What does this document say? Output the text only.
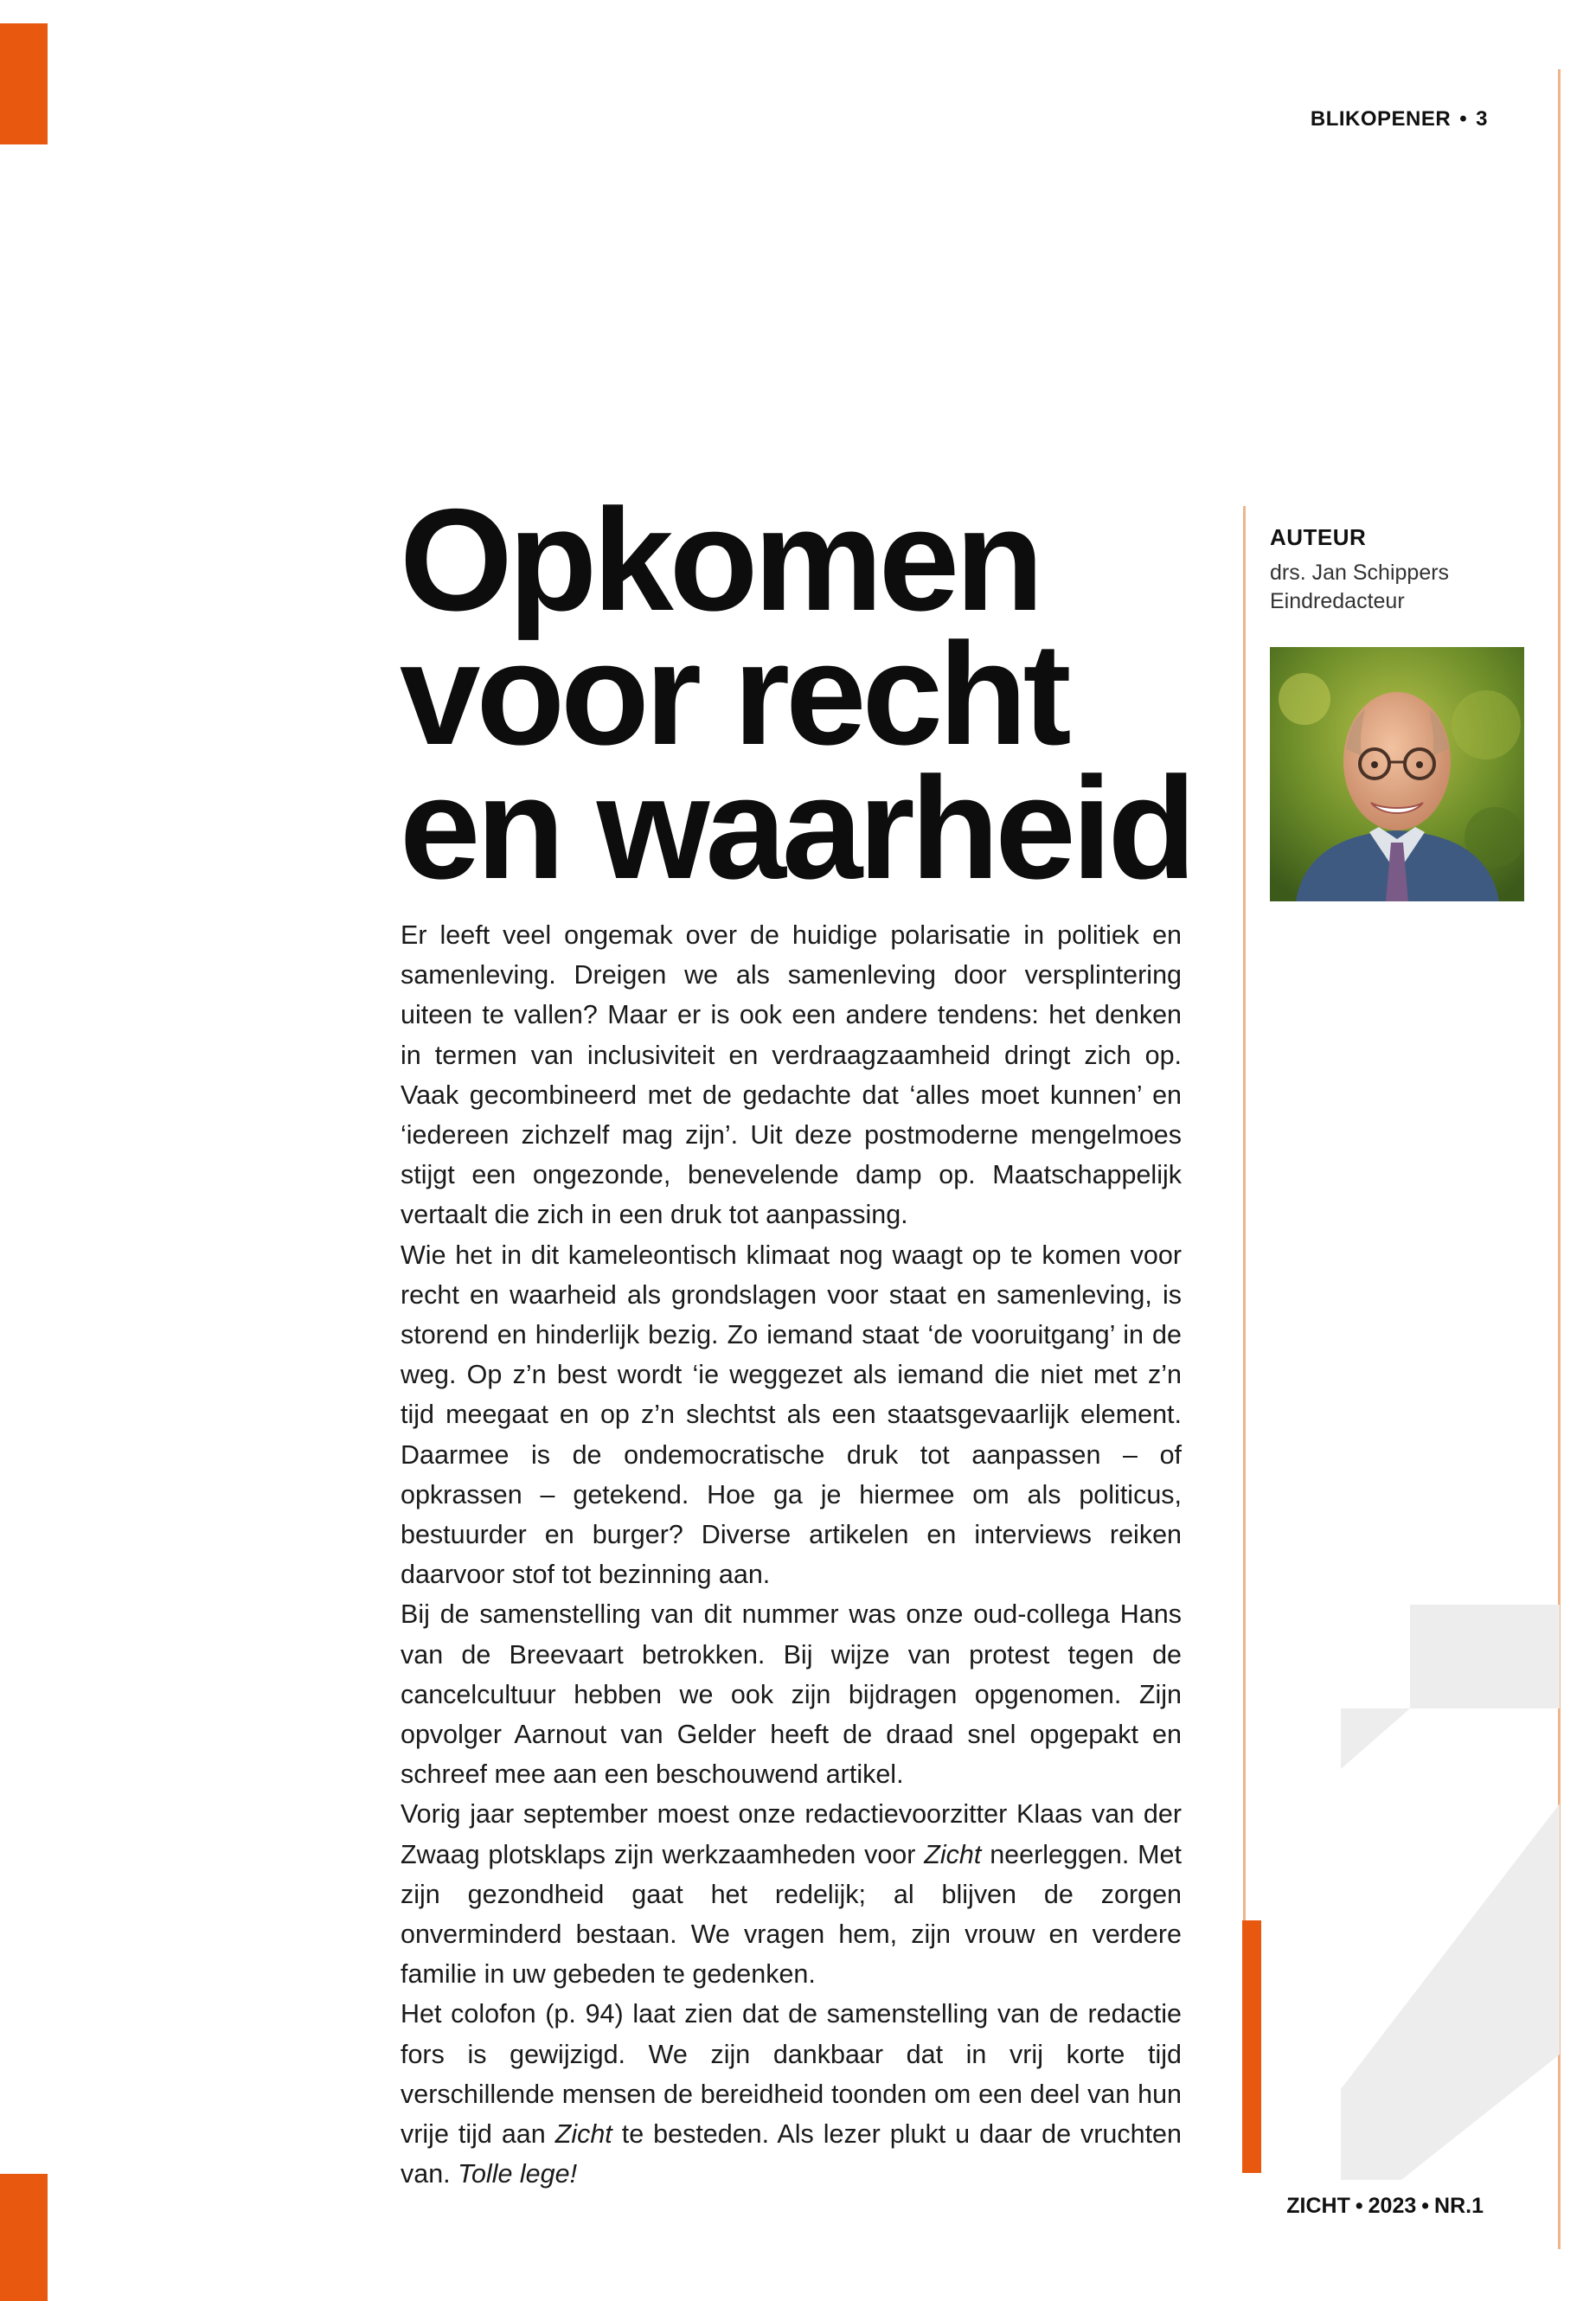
BLIKOPENER • 3
Opkomen
voor recht
en waarheid

Er leeft veel ongemak over de huidige polarisatie in politiek en samenleving. Dreigen we als samenleving door versplintering uiteen te vallen? Maar er is ook een andere tendens: het denken in termen van inclusiviteit en verdraagzaamheid dringt zich op. Vaak gecombineerd met de gedachte dat ‘alles moet kunnen’ en ‘iedereen zichzelf mag zijn’. Uit deze postmoderne mengelmoes stijgt een ongezonde, benevelende damp op. Maatschappelijk vertaalt die zich in een druk tot aanpassing.

Wie het in dit kameleontisch klimaat nog waagt op te komen voor recht en waarheid als grondslagen voor staat en samenleving, is storend en hinderlijk bezig. Zo iemand staat ‘de vooruitgang’ in de weg. Op z’n best wordt ‘ie weggezet als iemand die niet met z’n tijd meegaat en op z’n slechtst als een staatsgevaarlijk element. Daarmee is de ondemocratische druk tot aanpassen – of opkrassen – getekend. Hoe ga je hiermee om als politicus, bestuurder en burger? Diverse artikelen en interviews reiken daarvoor stof tot bezinning aan.

Bij de samenstelling van dit nummer was onze oud-collega Hans van de Breevaart betrokken. Bij wijze van protest tegen de cancelcultuur hebben we ook zijn bijdragen opgenomen. Zijn opvolger Aarnout van Gelder heeft de draad snel opgepakt en schreef mee aan een beschouwend artikel.

Vorig jaar september moest onze redactievoorzitter Klaas van der Zwaag plotsklaps zijn werkzaamheden voor Zicht neerleggen. Met zijn gezondheid gaat het redelijk; al blijven de zorgen onverminderd bestaan. We vragen hem, zijn vrouw en verdere familie in uw gebeden te gedenken.

Het colofon (p. 94) laat zien dat de samenstelling van de redactie fors is gewijzigd. We zijn dankbaar dat in vrij korte tijd verschillende mensen de bereidheid toonden om een deel van hun vrije tijd aan Zicht te besteden. Als lezer plukt u daar de vruchten van. Tolle lege!

AUTEUR
drs. Jan Schippers
Eindredacteur
ZICHT • 2023 • NR.1
